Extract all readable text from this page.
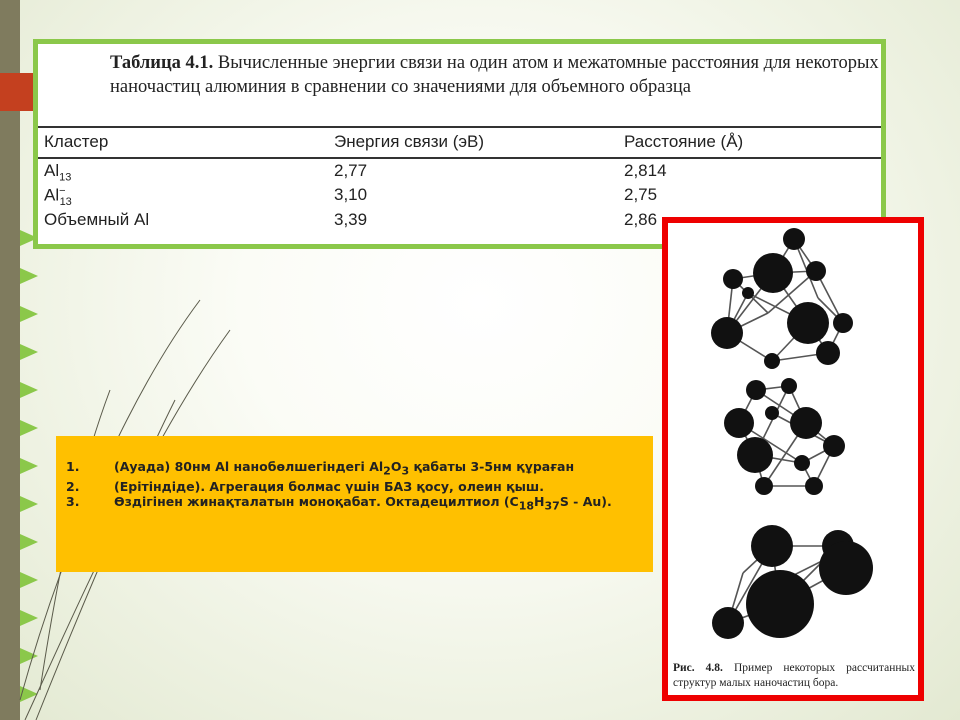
Таблица 4.1. Вычисленные энергии связи на один атом и межатомные расстояния для некоторых наночастиц алюминия в сравнении со значениями для объемного образца
Кластер	Энергия связи (эВ)	Расстояние (Å)
$Al_{13}$	2,77	2,814
$Al^-_{13}$	3,10	2,75
Объемный Al	3,39	2,86
1.	(Ауада) 80нм Al нанобөлшегіндегі $Al_2O_3$ қабаты 3-5нм құраған
2.	(Ерітіндіде). Агрегация болмас үшін БАЗ қосу, олеин қыш.
3.	Өздігінен жинақталатын моноқабат. Октадецилтиол $(C_{18}H_{37}S - Au)$.
Рис. 4.8. Пример некоторых рассчитанных структур малых наночастиц бора.
